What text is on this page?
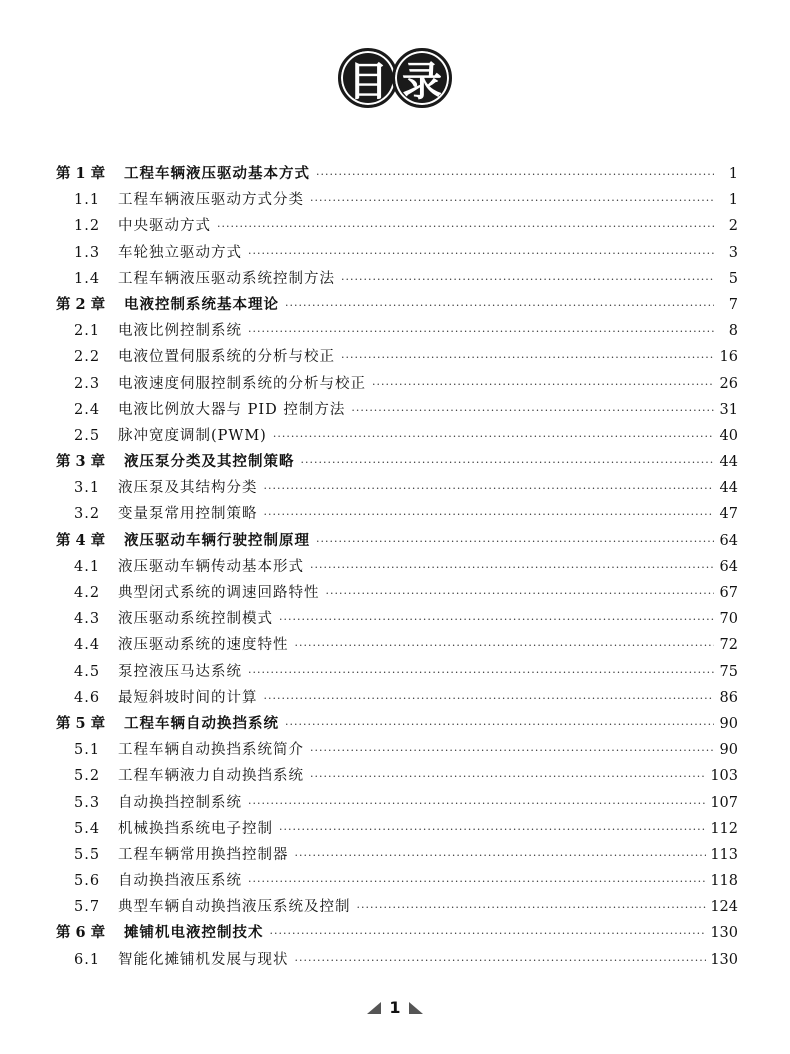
目 录
第 1 章	工程车辆液压驱动基本方式 ·····	1
1.1	工程车辆液压驱动方式分类 ·····	1
1.2	中央驱动方式 ·····	2
1.3	车轮独立驱动方式 ·····	3
1.4	工程车辆液压驱动系统控制方法 ·····	5
第 2 章	电液控制系统基本理论 ·····	7
2.1	电液比例控制系统 ·····	8
2.2	电液位置伺服系统的分析与校正 ·····	16
2.3	电液速度伺服控制系统的分析与校正 ·····	26
2.4	电液比例放大器与 PID 控制方法 ·····	31
2.5	脉冲宽度调制(PWM) ·····	40
第 3 章	液压泵分类及其控制策略 ·····	44
3.1	液压泵及其结构分类 ·····	44
3.2	变量泵常用控制策略 ·····	47
第 4 章	液压驱动车辆行驶控制原理 ·····	64
4.1	液压驱动车辆传动基本形式 ·····	64
4.2	典型闭式系统的调速回路特性 ·····	67
4.3	液压驱动系统控制模式 ·····	70
4.4	液压驱动系统的速度特性 ·····	72
4.5	泵控液压马达系统 ·····	75
4.6	最短斜坡时间的计算 ·····	86
第 5 章	工程车辆自动换挡系统 ·····	90
5.1	工程车辆自动换挡系统简介 ·····	90
5.2	工程车辆液力自动换挡系统 ·····	103
5.3	自动换挡控制系统 ·····	107
5.4	机械换挡系统电子控制 ·····	112
5.5	工程车辆常用换挡控制器 ·····	113
5.6	自动换挡液压系统 ·····	118
5.7	典型车辆自动换挡液压系统及控制 ·····	124
第 6 章	摊铺机电液控制技术 ·····	130
6.1	智能化摊铺机发展与现状 ·····	130
1
